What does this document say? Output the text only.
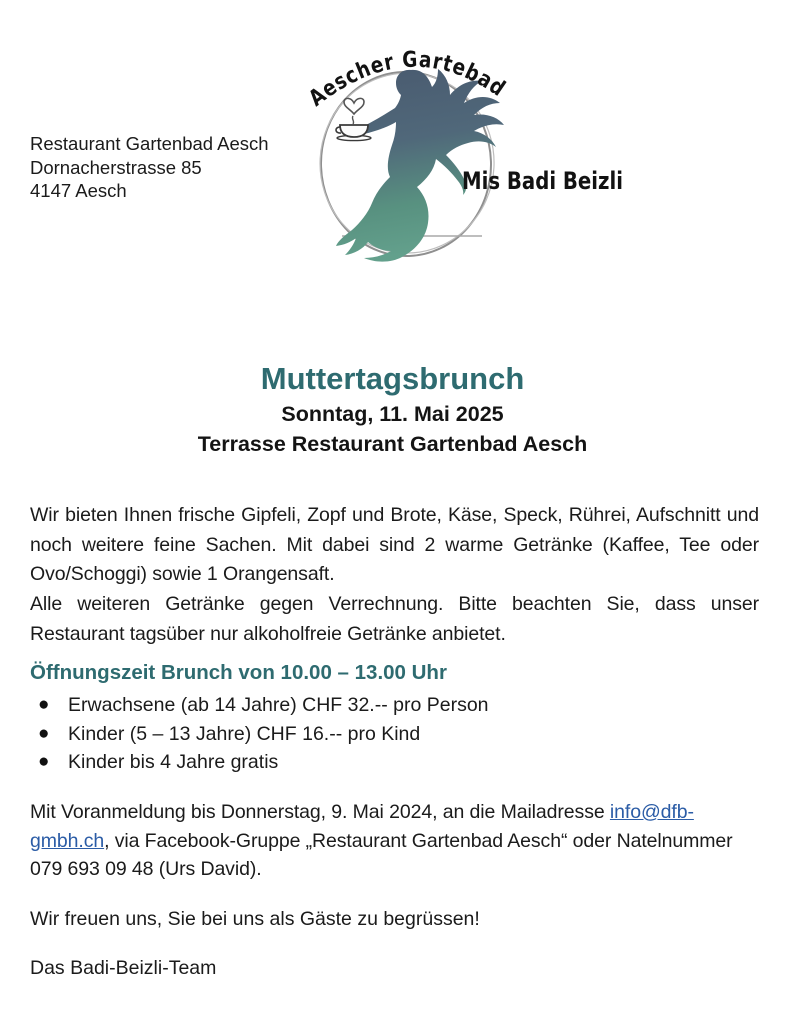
Restaurant Gartenbad Aesch
Dornacherstrasse 85
4147 Aesch
Aescher Gartebad
Mis Badi Beizli
Muttertagsbrunch
Sonntag, 11. Mai 2025
Terrasse Restaurant Gartenbad Aesch
Wir bieten Ihnen frische Gipfeli, Zopf und Brote, Käse, Speck, Rührei, Aufschnitt und noch weitere feine Sachen. Mit dabei sind 2 warme Getränke (Kaffee, Tee oder Ovo/Schoggi) sowie 1 Orangensaft.
Alle weiteren Getränke gegen Verrechnung. Bitte beachten Sie, dass unser Restaurant tagsüber nur alkoholfreie Getränke anbietet.
Öffnungszeit Brunch von 10.00 – 13.00 Uhr
● Erwachsene (ab 14 Jahre) CHF 32.-- pro Person
● Kinder (5 – 13 Jahre) CHF 16.-- pro Kind
● Kinder bis 4 Jahre gratis
Mit Voranmeldung bis Donnerstag, 9. Mai 2024, an die Mailadresse info@dfb-gmbh.ch, via Facebook-Gruppe „Restaurant Gartenbad Aesch“ oder Natelnummer 079 693 09 48 (Urs David).
Wir freuen uns, Sie bei uns als Gäste zu begrüssen!
Das Badi-Beizli-Team
